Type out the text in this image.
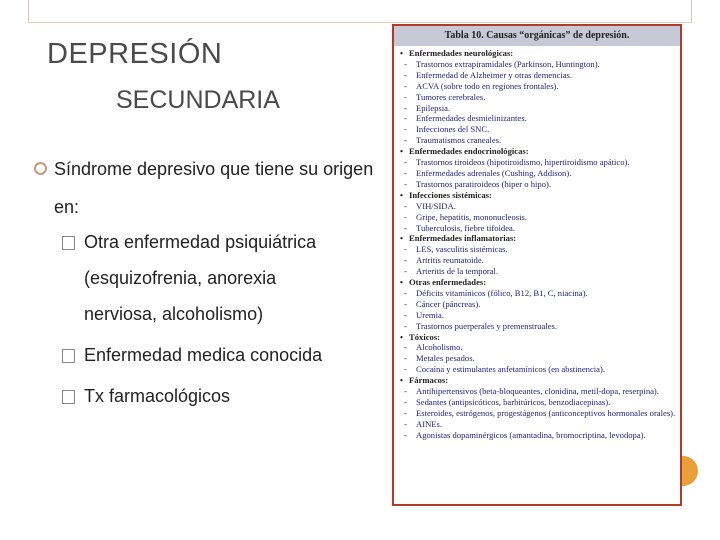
DEPRESIÓN
SECUNDARIA
Síndrome depresivo que tiene su origen en:
Otra enfermedad psiquiátrica
(esquizofrenia, anorexia
nerviosa, alcoholismo)
Enfermedad medica conocida
Tx farmacológicos
Tabla 10. Causas “orgánicas” de depresión.
• Enfermedades neurológicas:
- Trastornos extrapiramidales (Parkinson, Huntington).
- Enfermedad de Alzheimer y otras demencias.
- ACVA (sobre todo en regiones frontales).
- Tumores cerebrales.
- Epilepsia.
- Enfermedades desmielinizantes.
- Infecciones del SNC.
- Traumatismos craneales.
• Enfermedades endocrinológicas:
- Trastornos tiroideos (hipotiroidismo, hipertiroidismo apático).
- Enfermedades adrenales (Cushing, Addison).
- Trastornos paratiroideos (hiper o hipo).
• Infecciones sistémicas:
- VIH/SIDA.
- Gripe, hepatitis, mononucleosis.
- Tuberculosis, fiebre tifoidea.
• Enfermedades inflamatorias:
- LES, vasculitis sistémicas.
- Artritis reumatoide.
- Arteritis de la temporal.
• Otras enfermedades:
- Déficits vitamínicos (fólico, B12, B1, C, niacina).
- Cáncer (páncreas).
- Uremia.
- Trastornos puerperales y premenstruales.
• Tóxicos:
- Alcoholismo.
- Metales pesados.
- Cocaína y estimulantes anfetamínicos (en abstinencia).
• Fármacos:
- Antihipertensivos (beta-bloqueantes, clonidina, metil-dopa, reserpina).
- Sedantes (antipsicóticos, barbitúricos, benzodiacepinas).
- Esteroides, estrógenos, progestágenos (anticonceptivos hormonales orales).
- AINEs.
- Agonistas dopaminérgicos (amantadina, bromocriptina, levodopa).
